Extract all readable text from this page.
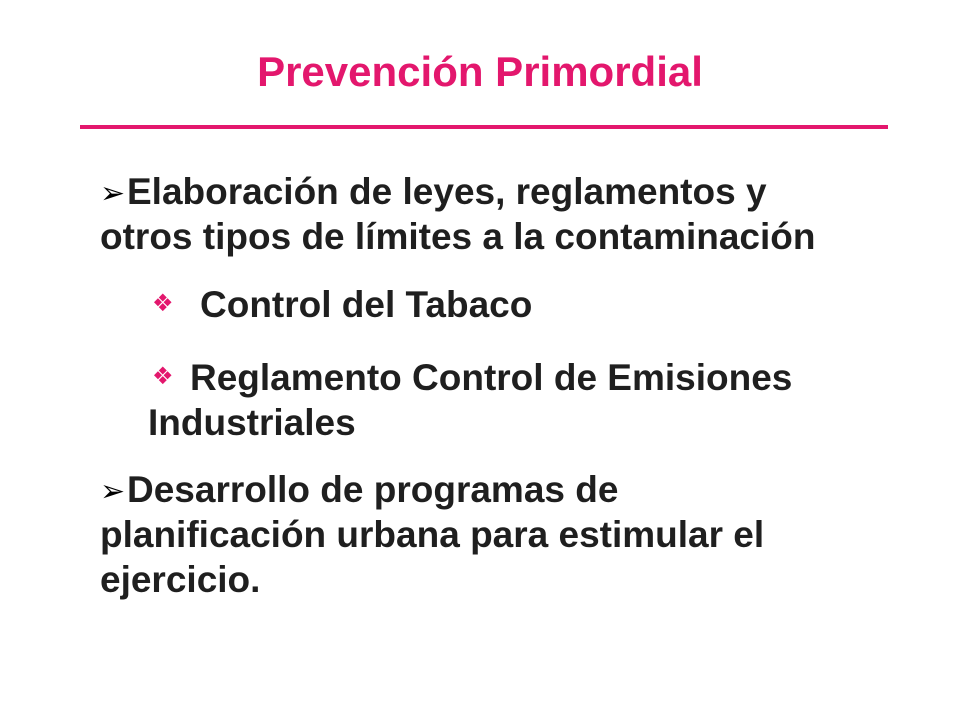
Prevención Primordial
➢Elaboración de leyes, reglamentos y
otros tipos de límites a la contaminación
❖Control del Tabaco
❖Reglamento Control de Emisiones
Industriales
➢Desarrollo de programas de
planificación urbana para estimular el
ejercicio.
